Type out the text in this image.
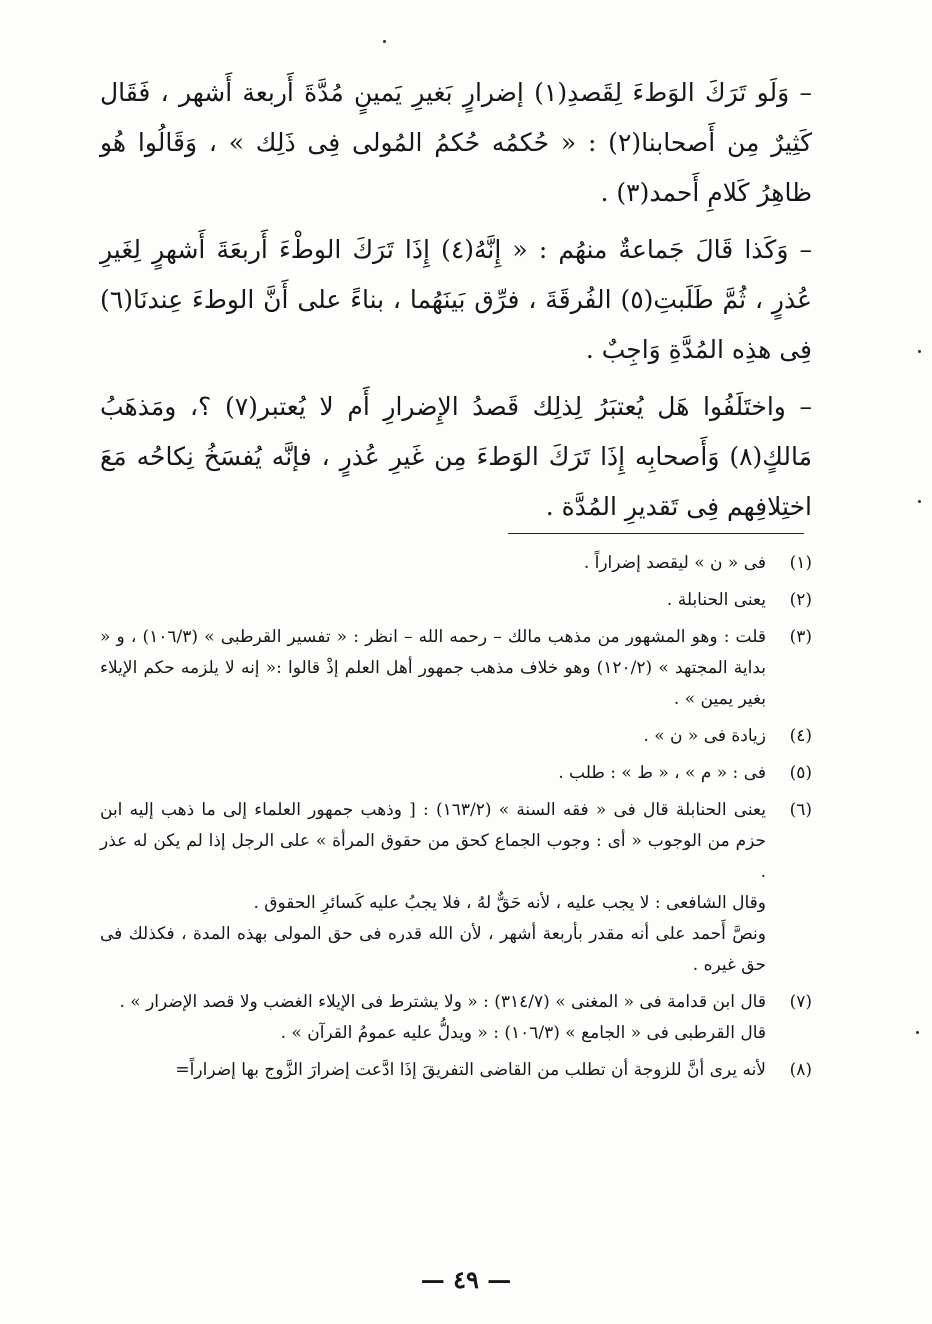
– وَلَو تَرَكَ الوَطءَ لِقَصدِ(١) إضرارٍ بَغيرِ يَمينٍ مُدَّةَ أَربعة أَشهر ، فَقَال كَثِيرٌ مِن أَصحابنا(٢) : « حُكمُه حُكمُ المُولى فِى ذَلِك » ، وَقَالُوا هُو ظاهِرُ كَلامِ أَحمد(٣) .

– وَكَذا قَالَ جَماعةٌ منهُم : « إِنَّهُ(٤) إِذَا تَرَكَ الوطْءَ أَربعَةَ أَشهرٍ لِغَيرِ عُذرٍ ، ثُمَّ طَلَبتِ(٥) الفُرقَةَ ، فرِّق بَينَهُما ، بناءً على أَنَّ الوطءَ عِندنَا(٦) فِى هذِه المُدَّةِ وَاجِبٌ .

– واختَلَفُوا هَل يُعتبَرُ لِذلِك قَصدُ الإِضرارِ أَم لا يُعتبر(٧) ؟، ومَذهَبُ مَالكٍ(٨) وَأَصحابِه إِذَا تَرَكَ الوَطءَ مِن غَيرِ عُذرٍ ، فإنَّه يُفسَخُ نِكاحُه مَعَ اختِلافِهم فِى تَقديرِ المُدَّة .

(١)

فى « ن » ليقصد إضراراً .

(٢)

يعنى الحنابلة .

(٣)

قلت : وهو المشهور من مذهب مالك – رحمه الله – انظر : « تفسير القرطبى » (١٠٦/٣) ، و « بداية المجتهد » (١٢٠/٢) وهو خلاف مذهب جمهور أهل العلم إذْ قالوا :« إنه لا يلزمه حكم الإيلاء بغير يمين » .

(٤)

زيادة فى « ن » .

(٥)

فى : « م » ، « ط » : طلب .

(٦)

يعنى الحنابلة قال فى « فقه السنة » (١٦٣/٢) : [ وذهب جمهور العلماء إلى ما ذهب إليه ابن حزم من الوجوب « أى : وجوب الجماع كحق من حقوق المرأة » على الرجل إذا لم يكن له عذر .

وقال الشافعى : لا يجب عليه ، لأنه حَقٌّ لهُ ، فلا يجبُ عليه كَسائرِ الحقوق .

ونصَّ أَحمد على أنه مقدر بأربعة أشهر ، لأن الله قدره فى حق المولى بهذه المدة ، فكذلك فى حق غيره .

(٧)

قال ابن قدامة فى « المغنى » (٣١٤/٧) : « ولا يشترط فى الإيلاء الغضب ولا قصد الإضرار » .

قال القرطبى فى « الجامع » (١٠٦/٣) : « ويدلُّ عليه عمومُ القرآن » .

(٨)

لأنه يرى أنَّ للزوجة أن تطلب من القاضى التفريقَ إذَا ادَّعت إضرارَ الزَّوج بها إضراراً=

— ٤٩ —
